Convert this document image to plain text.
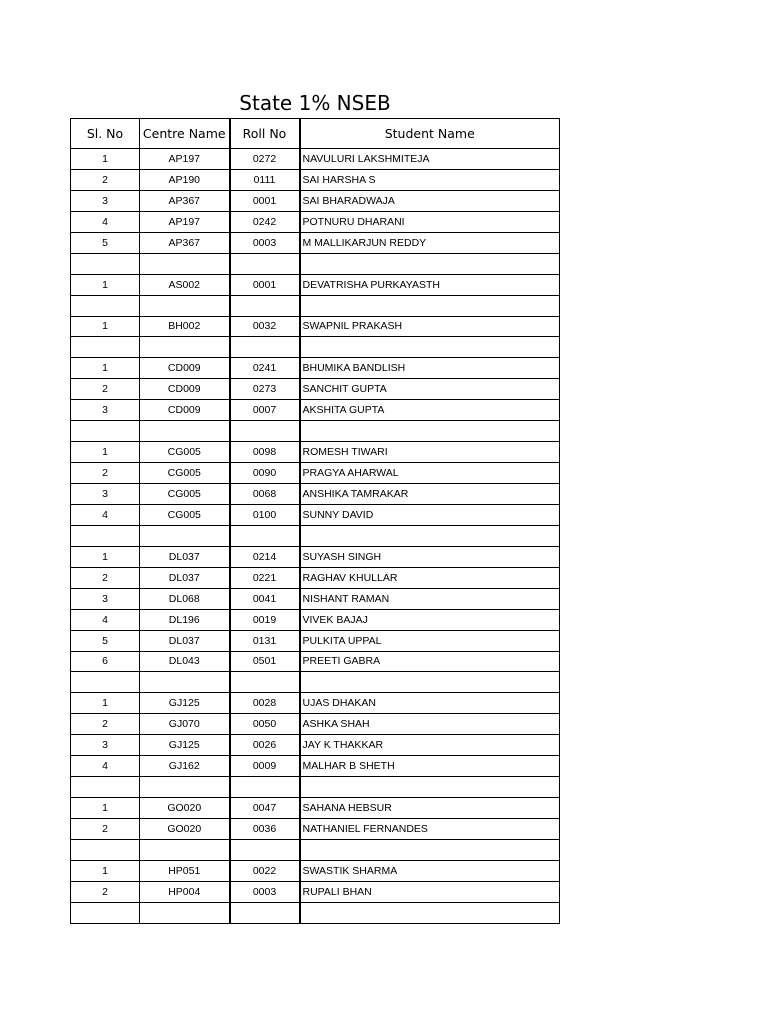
State 1% NSEB
Sl. No	Centre Name	Roll No	Student Name
1	AP197	0272	NAVULURI LAKSHMITEJA
2	AP190	0111	SAI HARSHA S
3	AP367	0001	SAI BHARADWAJA
4	AP197	0242	POTNURU DHARANI
5	AP367	0003	M MALLIKARJUN REDDY

1	AS002	0001	DEVATRISHA PURKAYASTH

1	BH002	0032	SWAPNIL PRAKASH

1	CD009	0241	BHUMIKA BANDLISH
2	CD009	0273	SANCHIT GUPTA
3	CD009	0007	AKSHITA GUPTA

1	CG005	0098	ROMESH TIWARI
2	CG005	0090	PRAGYA AHARWAL
3	CG005	0068	ANSHIKA TAMRAKAR
4	CG005	0100	SUNNY DAVID

1	DL037	0214	SUYASH SINGH
2	DL037	0221	RAGHAV KHULLAR
3	DL068	0041	NISHANT RAMAN
4	DL196	0019	VIVEK BAJAJ
5	DL037	0131	PULKITA UPPAL
6	DL043	0501	PREETI GABRA

1	GJ125	0028	UJAS DHAKAN
2	GJ070	0050	ASHKA SHAH
3	GJ125	0026	JAY K THAKKAR
4	GJ162	0009	MALHAR B SHETH

1	GO020	0047	SAHANA HEBSUR
2	GO020	0036	NATHANIEL FERNANDES

1	HP051	0022	SWASTIK SHARMA
2	HP004	0003	RUPALI BHAN
